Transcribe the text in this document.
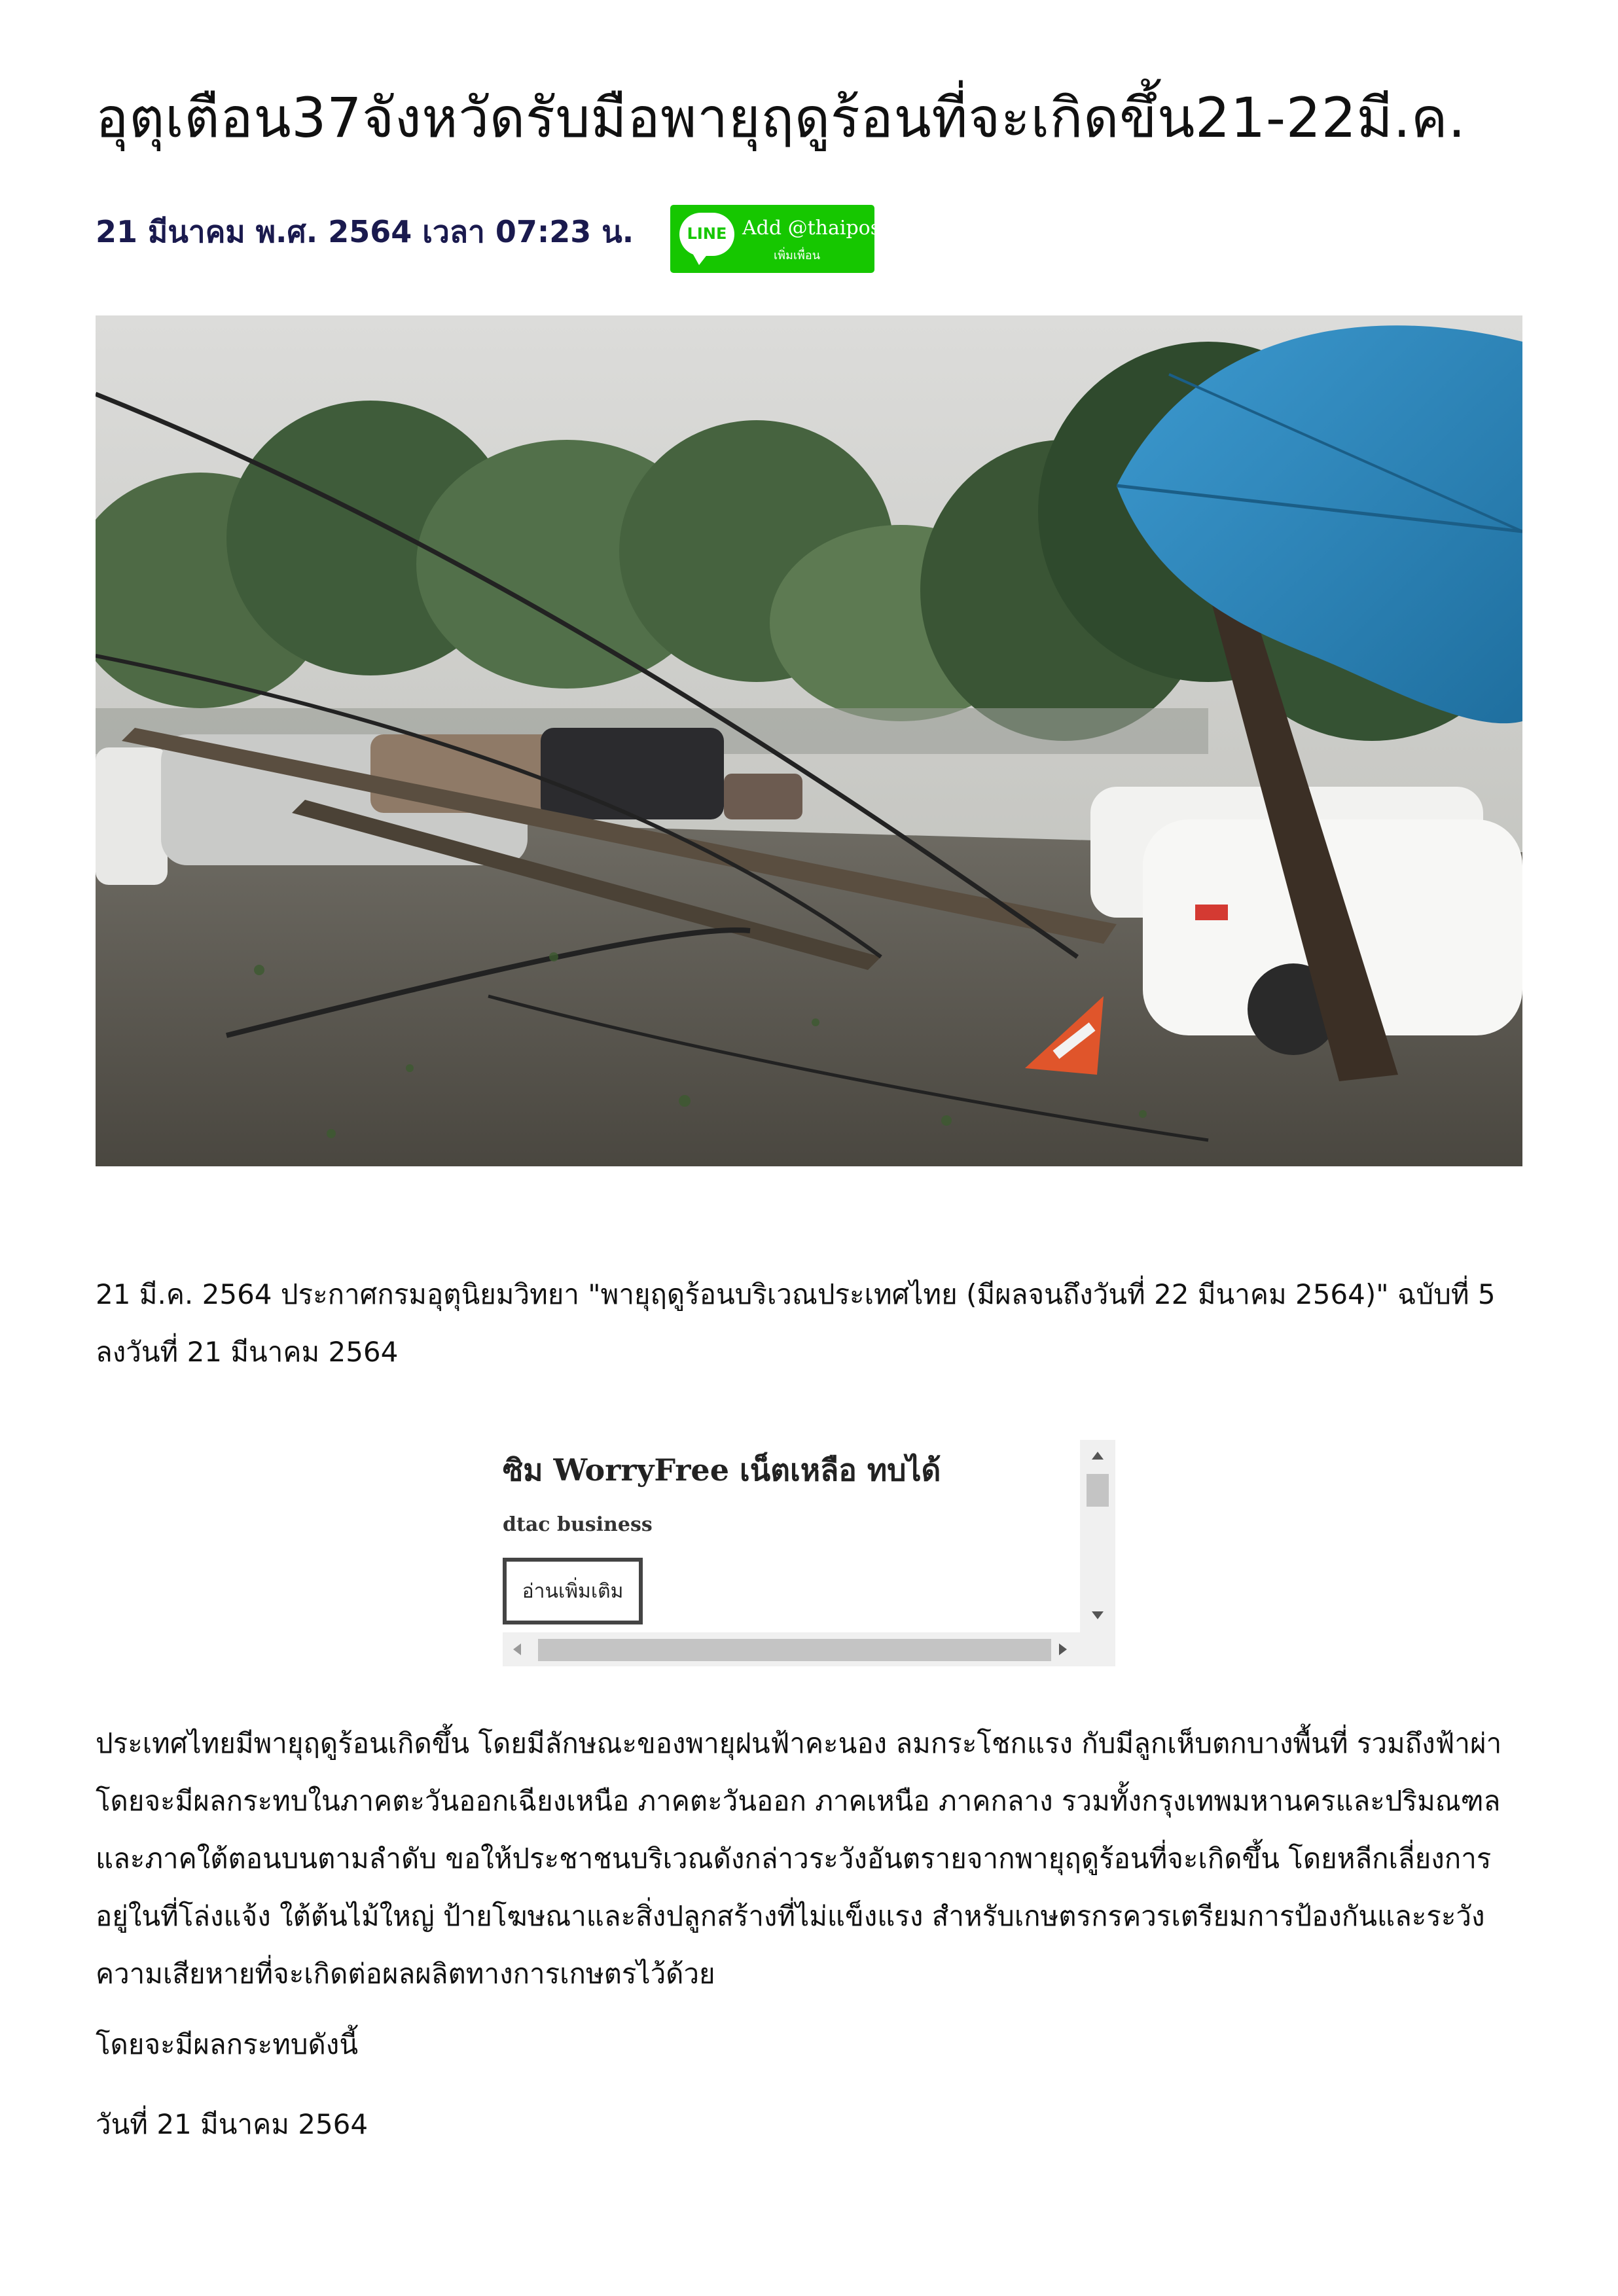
อุตุเตือน37จังหวัดรับมือพายุฤดูร้อนที่จะเกิดขึ้น21-22มี.ค.
21 มีนาคม พ.ศ. 2564 เวลา 07:23 น.	LINE Add @thaipost
เพิ่มเพื่อน

21 มี.ค. 2564 ประกาศกรมอุตุนิยมวิทยา "พายุฤดูร้อนบริเวณประเทศไทย (มีผลจนถึงวันที่ 22 มีนาคม 2564)" ฉบับที่ 5 ลงวันที่ 21 มีนาคม 2564

ซิม WorryFree เน็ตเหลือ ทบได้
dtac business
อ่านเพิ่มเติม

ประเทศไทยมีพายุฤดูร้อนเกิดขึ้น โดยมีลักษณะของพายุฝนฟ้าคะนอง ลมกระโชกแรง กับมีลูกเห็บตกบางพื้นที่ รวมถึงฟ้าผ่า โดยจะมีผลกระทบในภาคตะวันออกเฉียงเหนือ ภาคตะวันออก ภาคเหนือ ภาคกลาง รวมทั้งกรุงเทพมหานครและปริมณฑล และภาคใต้ตอนบนตามลำดับ ขอให้ประชาชนบริเวณดังกล่าวระวังอันตรายจากพายุฤดูร้อนที่จะเกิดขึ้น โดยหลีกเลี่ยงการอยู่ในที่โล่งแจ้ง ใต้ต้นไม้ใหญ่ ป้ายโฆษณาและสิ่งปลูกสร้างที่ไม่แข็งแรง สำหรับเกษตรกรควรเตรียมการป้องกันและระวังความเสียหายที่จะเกิดต่อผลผลิตทางการเกษตรไว้ด้วย

โดยจะมีผลกระทบดังนี้

วันที่ 21 มีนาคม 2564
